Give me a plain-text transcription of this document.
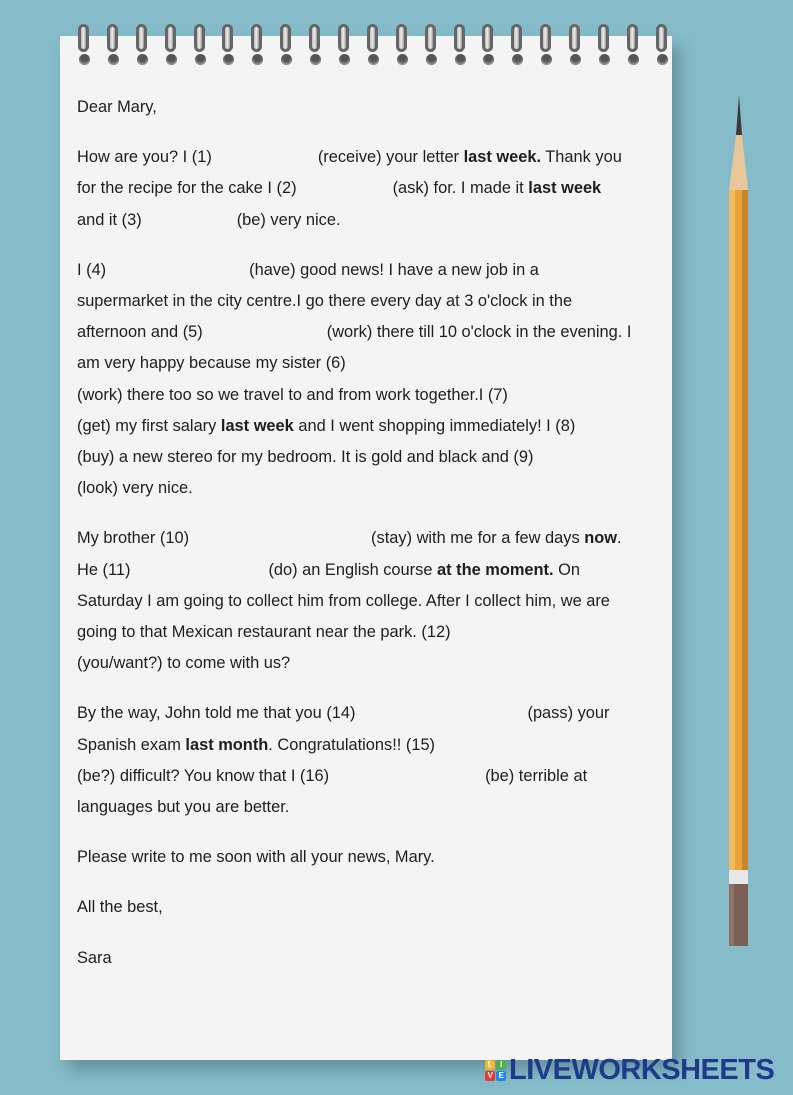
Dear Mary,

How are you? I (1)	(receive) your letter last week. Thank you
for the recipe for the cake I (2)	(ask) for. I made it last week
and it (3)	(be) very nice.

I (4)	(have) good news! I have a new job in a
supermarket in the city centre.I go there every day at 3 o'clock in the
afternoon and (5)	(work) there till 10 o'clock in the evening. I
am very happy because my sister (6)
(work) there too so we travel to and from work together.I (7)
(get) my first salary last week and I went shopping immediately! I (8)
(buy) a new stereo for my bedroom. It is gold and black and (9)
(look) very nice.

My brother (10)	(stay) with me for a few days now.
He (11)	(do) an English course at the moment. On
Saturday I am going to collect him from college. After I collect him, we are
going to that Mexican restaurant near the park. (12)
(you/want?) to come with us?

By the way, John told me that you (14)	(pass) your
Spanish exam last month. Congratulations!! (15)
(be?) difficult? You know that I (16)	(be) terrible at
languages but you are better.

Please write to me soon with all your news, Mary.

All the best,

Sara

L I
V E LIVEWORKSHEETS
